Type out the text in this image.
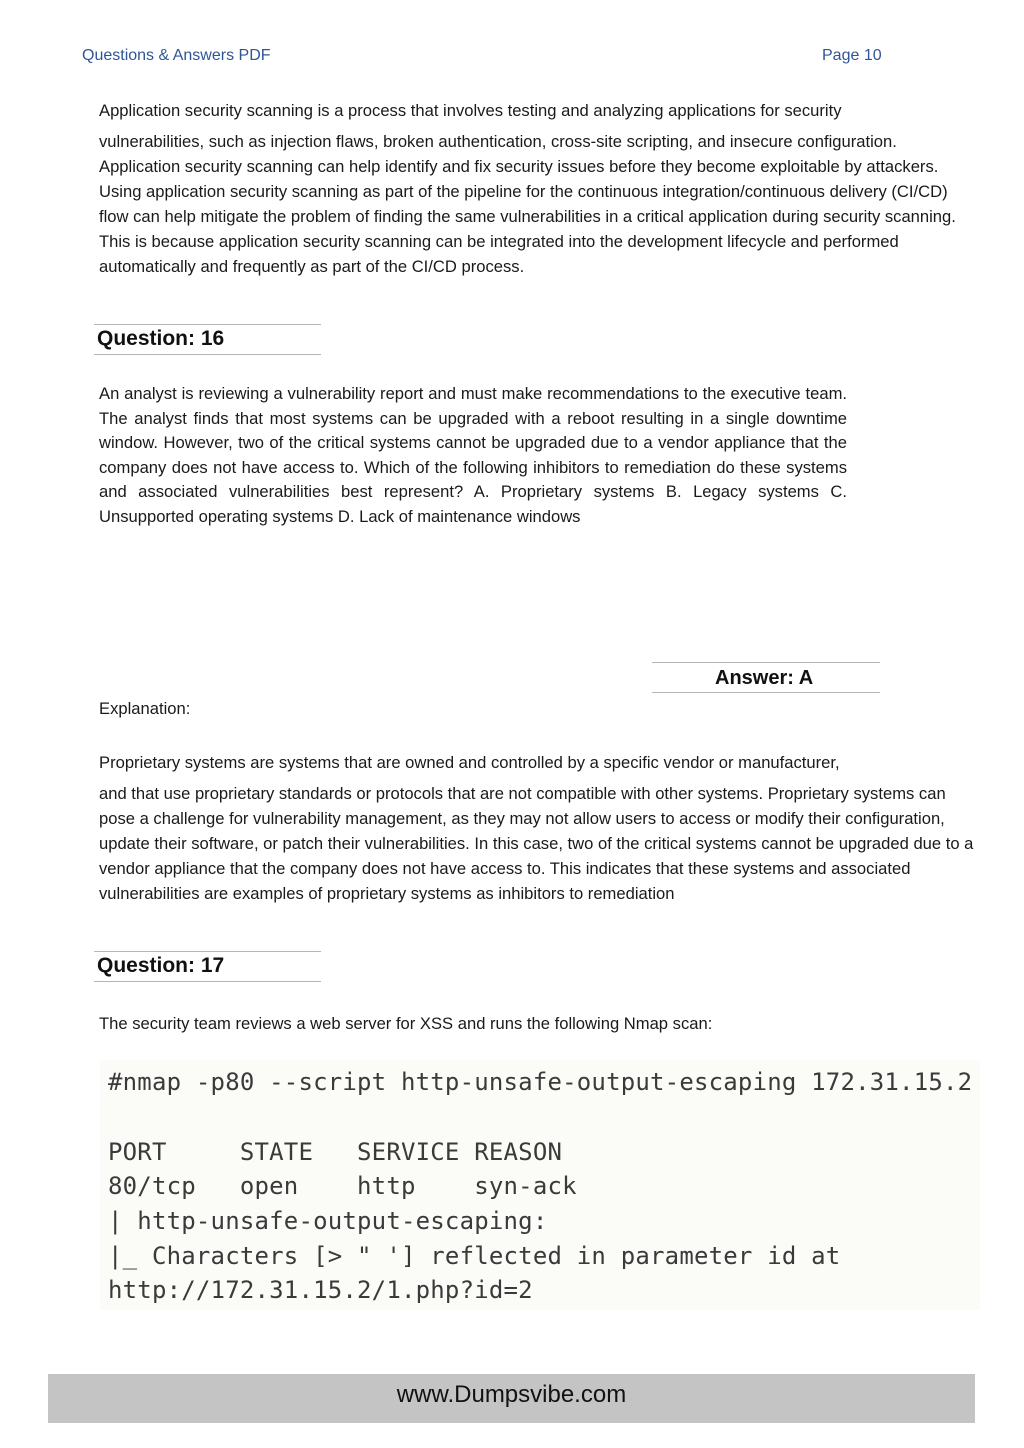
Questions & Answers PDF	Page 10

Application security scanning is a process that involves testing and analyzing applications for security
vulnerabilities, such as injection flaws, broken authentication, cross-site scripting, and insecure configuration. Application security scanning can help identify and fix security issues before they become exploitable by attackers. Using application security scanning as part of the pipeline for the continuous integration/continuous delivery (CI/CD) flow can help mitigate the problem of finding the same vulnerabilities in a critical application during security scanning. This is because application security scanning can be integrated into the development lifecycle and performed automatically and frequently as part of the CI/CD process.

Question: 16

An analyst is reviewing a vulnerability report and must make recommendations to the executive team. The analyst finds that most systems can be upgraded with a reboot resulting in a single downtime window. However, two of the critical systems cannot be upgraded due to a vendor appliance that the company does not have access to. Which of the following inhibitors to remediation do these systems and associated vulnerabilities best represent? A. Proprietary systems B. Legacy systems C. Unsupported operating systems D. Lack of maintenance windows

Answer: A
Explanation:

Proprietary systems are systems that are owned and controlled by a specific vendor or manufacturer,
and that use proprietary standards or protocols that are not compatible with other systems. Proprietary systems can pose a challenge for vulnerability management, as they may not allow users to access or modify their configuration, update their software, or patch their vulnerabilities. In this case, two of the critical systems cannot be upgraded due to a vendor appliance that the company does not have access to. This indicates that these systems and associated vulnerabilities are examples of proprietary systems as inhibitors to remediation

Question: 17

The security team reviews a web server for XSS and runs the following Nmap scan:

#nmap -p80 --script http-unsafe-output-escaping 172.31.15.2
PORT     STATE   SERVICE REASON
80/tcp   open    http    syn-ack
| http-unsafe-output-escaping:
|_ Characters [> " '] reflected in parameter id at
http://172.31.15.2/1.php?id=2
www.Dumpsvibe.com
